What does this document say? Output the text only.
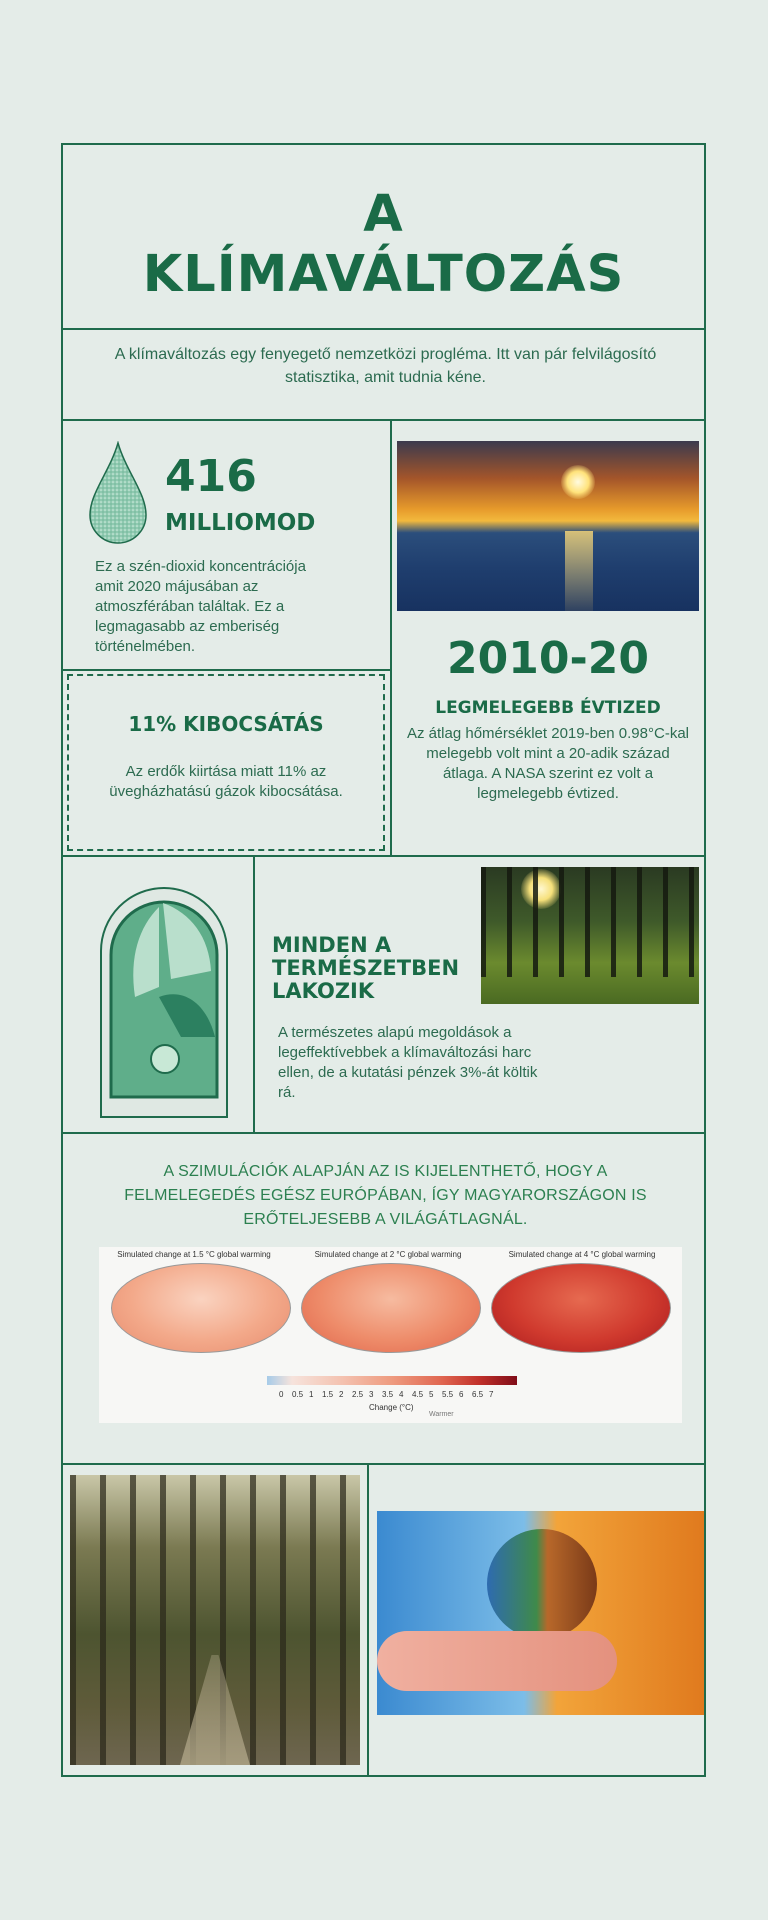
A
KLÍMAVÁLTOZÁS
A klímaváltozás egy fenyegető nemzetközi progléma. Itt van pár felvilágosító statisztika, amit tudnia kéne.
416
MILLIOMOD
Ez a szén-dioxid koncentrációja amit 2020 májusában az atmoszférában találtak. Ez a legmagasabb az emberiség történelmében.
11% KIBOCSÁTÁS
Az erdők kiirtása miatt 11% az üvegházhatású gázok kibocsátása.
2010-20
LEGMELEGEBB ÉVTIZED
Az átlag hőmérséklet 2019-ben 0.98°C-kal melegebb volt mint a 20-adik század átlaga. A NASA szerint ez volt a legmelegebb évtized.
MINDEN A
TERMÉSZETBEN
LAKOZIK
A természetes alapú megoldások a legeffektívebbek a klímaváltozási harc ellen, de a kutatási pénzek 3%-át költik rá.
A SZIMULÁCIÓK ALAPJÁN AZ IS KIJELENTHETŐ, HOGY A FELMELEGEDÉS EGÉSZ EURÓPÁBAN, ÍGY MAGYARORSZÁGON IS ERŐTELJESEBB A VILÁGÁTLAGNÁL.
Simulated change at 1.5 °C global warming	Simulated change at 2 °C global warming	Simulated change at 4 °C global warming
0 0.5 1 1.5 2 2.5 3 3.5 4 4.5 5 5.5 6 6.5 7
Change (°C)
Warmer
